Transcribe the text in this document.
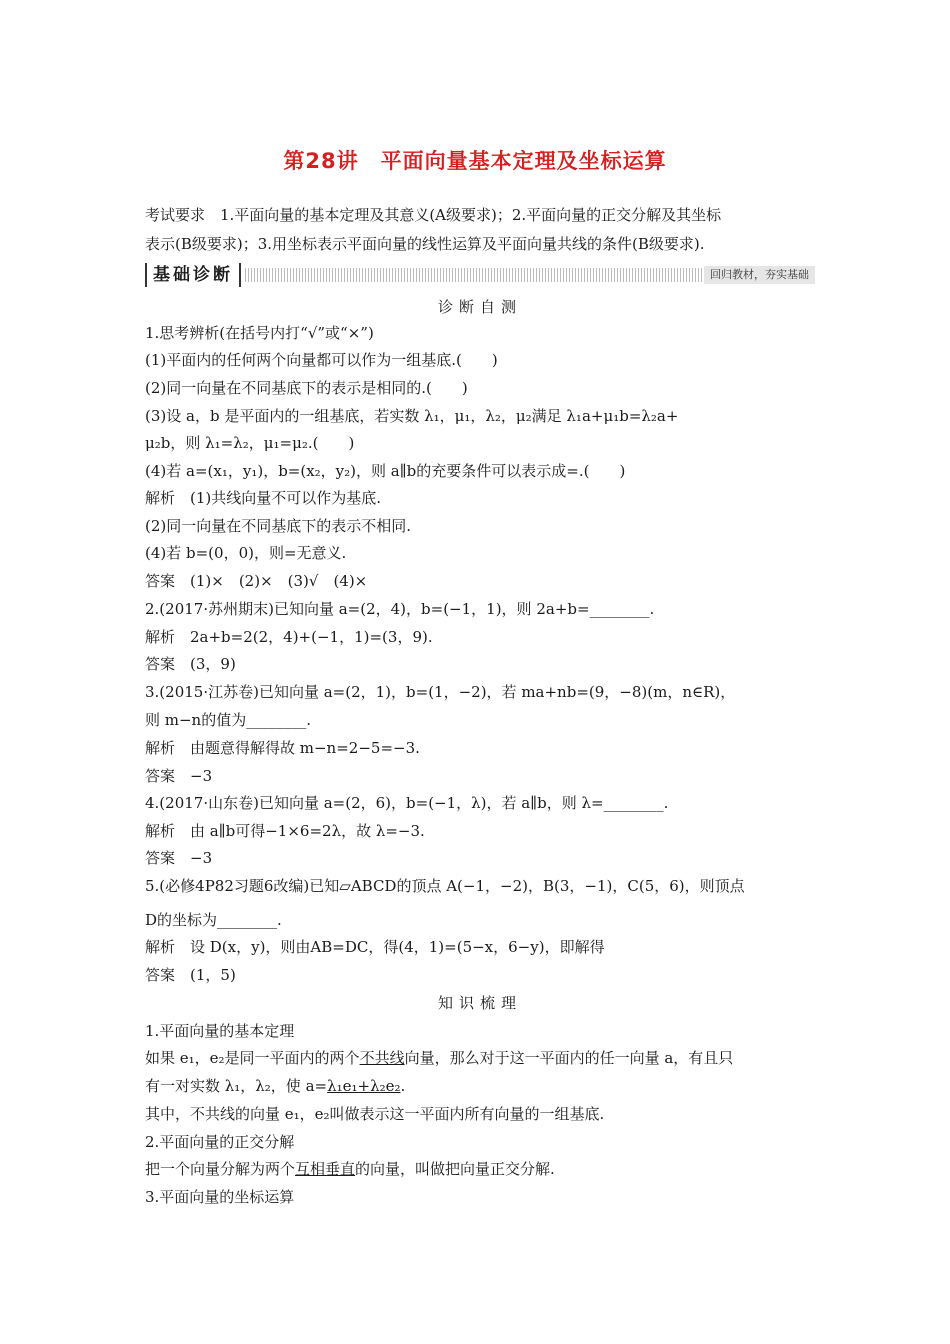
第28讲　平面向量基本定理及坐标运算
考试要求　1.平面向量的基本定理及其意义(A级要求)；2.平面向量的正交分解及其坐标
表示(B级要求)；3.用坐标表示平面向量的线性运算及平面向量共线的条件(B级要求).
基础诊断	回归教材，夯实基础
诊断自测
1.思考辨析(在括号内打“√”或“×”)
(1)平面内的任何两个向量都可以作为一组基底.(　　)
(2)同一向量在不同基底下的表示是相同的.(　　)
(3)设 a，b 是平面内的一组基底，若实数 λ₁，μ₁，λ₂，μ₂满足 λ₁a+μ₁b=λ₂a+
μ₂b，则 λ₁=λ₂，μ₁=μ₂.(　　)
(4)若 a=(x₁，y₁)，b=(x₂，y₂)，则 a∥b的充要条件可以表示成=.(　　)
解析　(1)共线向量不可以作为基底.
(2)同一向量在不同基底下的表示不相同.
(4)若 b=(0，0)，则=无意义.
答案　(1)×　(2)×　(3)√　(4)×
2.(2017·苏州期末)已知向量 a=(2，4)，b=(−1，1)，则 2a+b=________.
解析　2a+b=2(2，4)+(−1，1)=(3，9).
答案　(3，9)
3.(2015·江苏卷)已知向量 a=(2，1)，b=(1，−2)，若 ma+nb=(9，−8)(m，n∈R)，
则 m−n的值为________.
解析　由题意得解得故 m−n=2−5=−3.
答案　−3
4.(2017·山东卷)已知向量 a=(2，6)，b=(−1，λ)，若 a∥b，则 λ=________.
解析　由 a∥b可得−1×6=2λ，故 λ=−3.
答案　−3
5.(必修4P82习题6改编)已知▱ABCD的顶点 A(−1，−2)，B(3，−1)，C(5，6)，则顶点
D的坐标为________.
解析　设 D(x，y)，则由AB=DC，得(4，1)=(5−x，6−y)，即解得
答案　(1，5)
知识梳理
1.平面向量的基本定理
如果 e₁，e₂是同一平面内的两个不共线向量，那么对于这一平面内的任一向量 a，有且只
有一对实数 λ₁，λ₂，使 a=λ₁e₁+λ₂e₂.
其中，不共线的向量 e₁，e₂叫做表示这一平面内所有向量的一组基底.
2.平面向量的正交分解
把一个向量分解为两个互相垂直的向量，叫做把向量正交分解.
3.平面向量的坐标运算
